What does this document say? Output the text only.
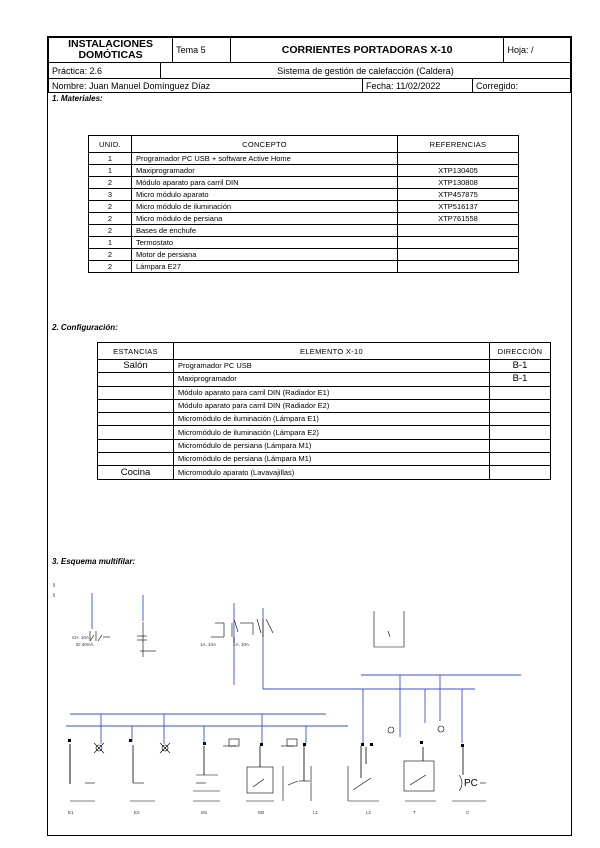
INSTALACIONES DOMÓTICAS	Tema 5	CORRIENTES PORTADORAS X-10	Hoja: /
Práctica: 2.6	Sistema de gestión de calefacción (Caldera)
Nombre: Juan Manuel Domínguez Díaz	Fecha: 11/02/2022	Corregido:
1. Materiales:
UNID.	CONCEPTO	REFERENCIAS
1	Programador PC USB + software Active Home	
1	Maxiprogramador	XTP130405
2	Módulo aparato para carril DIN	XTP130808
3	Micro módulo aparato	XTP457875
2	Micro módulo de iluminación	XTP516137
2	Micro módulo de persiana	XTP761558
2	Bases de enchufe	
1	Termostato	
2	Motor de persiana	
2	Lámpara E27	
2. Configuración:
ESTANCIAS	ELEMENTO X-10	DIRECCIÓN
Salón	Programador PC USB	B-1
	Maxiprogramador	B-1
	Módulo aparato para carril DIN (Radiador E1)	
	Módulo aparato para carril DIN (Radiador E2)	
	Micromódulo de iluminación (Lámpara E1)	
	Micromódulo de iluminación (Lámpara E2)	
	Micromódulo de persiana (Lámpara M1)	
	Micromódulo de persiana (Lámpara M1)	
Cocina	Micromodulo aparato (Lavavajillas)	
3. Esquema multifilar:
CH. 10A
ID 40mA	1A, 10A	1A, 10A
E1	E2	M1	M2	L1	L2	T	C
PC
